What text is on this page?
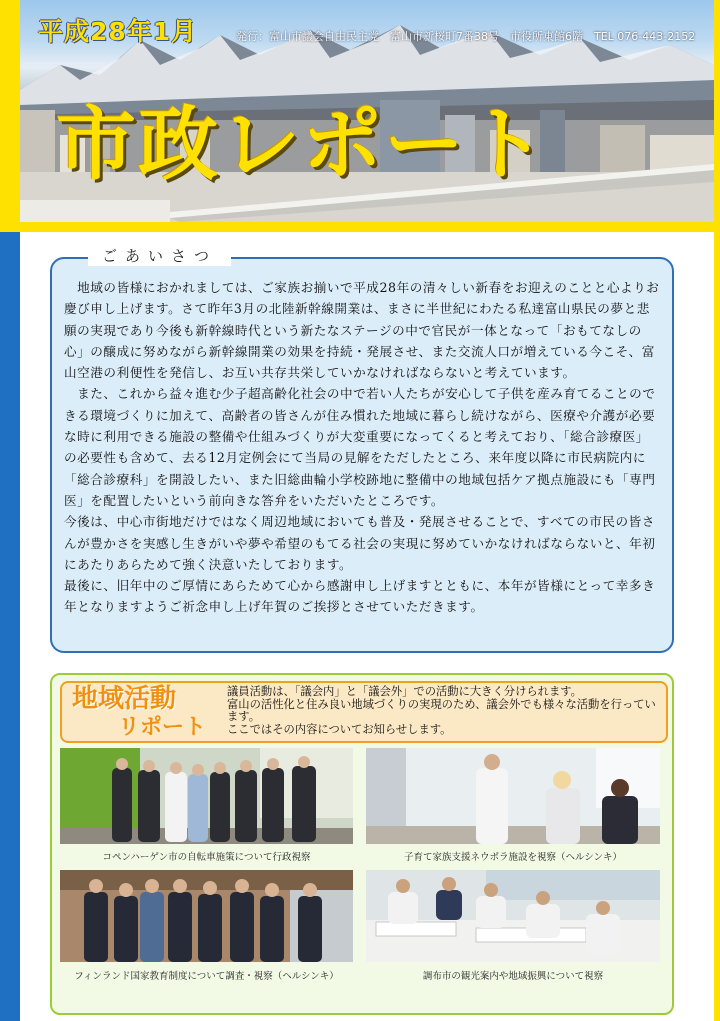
平成28年1月	発行：富山市議会自由民主党　富山市新桜町7番38号　市役所東館6階　TEL 076-443-2152
市政レポート
ごあいさつ

　地域の皆様におかれましては、ご家族お揃いで平成28年の清々しい新春をお迎えのことと心よりお慶び申し上げます。さて昨年3月の北陸新幹線開業は、まさに半世紀にわたる私達富山県民の夢と悲願の実現であり今後も新幹線時代という新たなステージの中で官民が一体となって「おもてなしの心」の醸成に努めながら新幹線開業の効果を持続・発展させ、また交流人口が増えている今こそ、富山空港の利便性を発信し、お互い共存共栄していかなければならないと考えています。

　また、これから益々進む少子超高齢化社会の中で若い人たちが安心して子供を産み育てることのできる環境づくりに加えて、高齢者の皆さんが住み慣れた地域に暮らし続けながら、医療や介護が必要な時に利用できる施設の整備や仕組みづくりが大変重要になってくると考えており、「総合診療医」の必要性も含めて、去る12月定例会にて当局の見解をただしたところ、来年度以降に市民病院内に「総合診療科」を開設したい、また旧総曲輪小学校跡地に整備中の地域包括ケア拠点施設にも「専門医」を配置したいという前向きな答弁をいただいたところです。

今後は、中心市街地だけではなく周辺地域においても普及・発展させることで、すべての市民の皆さんが豊かさを実感し生きがいや夢や希望のもてる社会の実現に努めていかなければならないと、年初にあたりあらためて強く決意いたしております。

最後に、旧年中のご厚情にあらためて心から感謝申し上げますとともに、本年が皆様にとって幸多き年となりますようご祈念申し上げ年賀のご挨拶とさせていただきます。

地域活動
リポート
議員活動は、「議会内」と「議会外」での活動に大きく分けられます。
富山の活性化と住み良い地域づくりの実現のため、議会外でも様々な活動を行っています。
ここではその内容についてお知らせします。
コペンハーゲン市の自転車施策について行政視察	子育て家族支援ネウボラ施設を視察（ヘルシンキ）
フィンランド国家教育制度について調査・視察（ヘルシンキ）	調布市の観光案内や地域振興について視察
